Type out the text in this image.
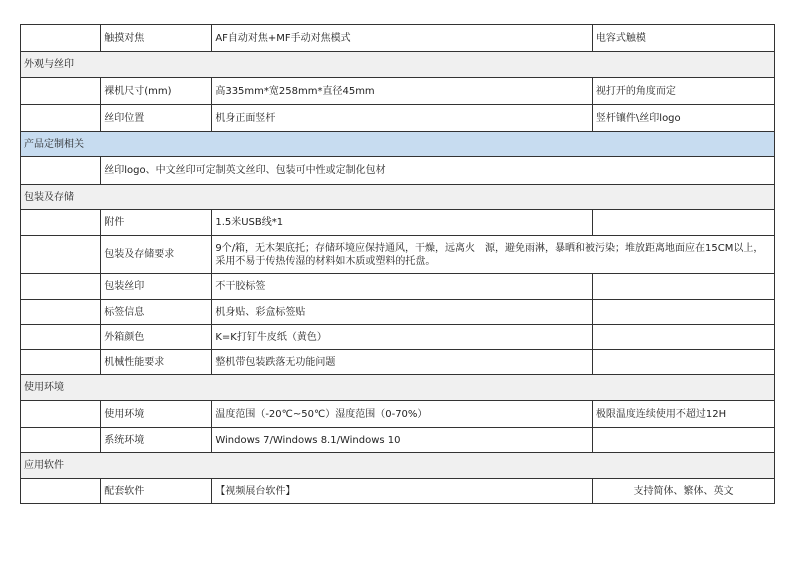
	触摸对焦	AF自动对焦+MF手动对焦模式	电容式触模
外观与丝印			
	裸机尺寸(mm)	高335mm*宽258mm*直径45mm	视打开的角度而定
	丝印位置	机身正面竖杆	竖杆镶件\丝印logo
产品定制相关			
	丝印logo、中文丝印可定制英文丝印、包装可中性或定制化包材		
包装及存储			
	附件	1.5米USB线*1	
	包装及存储要求	9个/箱，无木架底托；存储环境应保持通风，干燥，远离火　源，避免雨淋，暴晒和被污染；堆放距离地面应在15CM以上，采用不易于传热传湿的材料如木质或塑料的托盘。	
	包装丝印	不干胶标签	
	标签信息	机身贴、彩盒标签贴	
	外箱颜色	K=K打钉牛皮纸（黄色）	
	机械性能要求	整机带包装跌落无功能问题	
使用环境			
	使用环境	温度范围（-20℃~50℃）湿度范围（0-70%）	极限温度连续使用不超过12H
	系统环境	Windows 7/Windows 8.1/Windows 10	
应用软件			
	配套软件	【视频展台软件】	支持简体、繁体、英文
